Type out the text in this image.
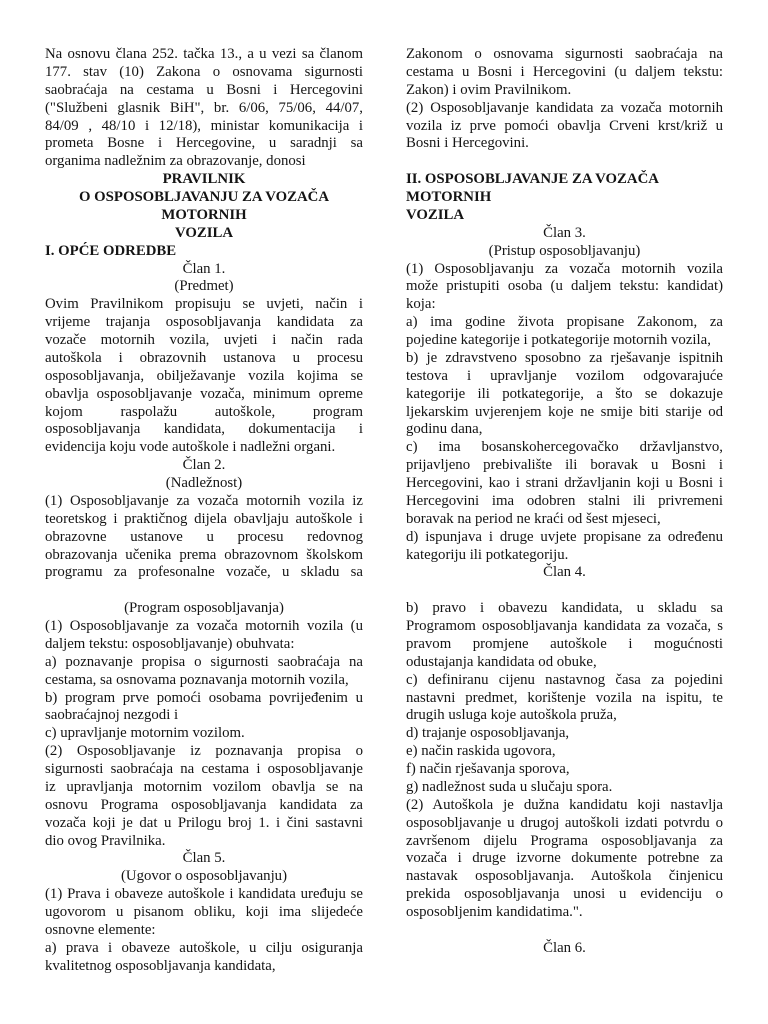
Na osnovu člana 252. tačka 13., a u vezi sa članom
177. stav (10) Zakona o osnovama sigurnosti
saobraćaja na cestama u Bosni i Hercegovini
("Službeni glasnik BiH", br. 6/06, 75/06, 44/07,
84/09 , 48/10 i 12/18), ministar komunikacija i
prometa Bosne i Hercegovine, u saradnji sa
organima nadležnim za obrazovanje, donosi
PRAVILNIK
O OSPOSOBLJAVANJU ZA VOZAČA
MOTORNIH
VOZILA
I. OPĆE ODREDBE
Član 1.
(Predmet)
Ovim Pravilnikom propisuju se uvjeti, način i
vrijeme trajanja osposobljavanja kandidata za
vozače motornih vozila, uvjeti i način rada
autoškola i obrazovnih ustanova u procesu
osposobljavanja, obilježavanje vozila kojima se
obavlja osposobljavanje vozača, minimum opreme
kojom raspolažu autoškole, program
osposobljavanja kandidata, dokumentacija i
evidencija koju vode autoškole i nadležni organi.
Član 2.
(Nadležnost)
(1) Osposobljavanje za vozača motornih vozila iz
teoretskog i praktičnog dijela obavljaju autoškole i
obrazovne ustanove u procesu redovnog
obrazovanja učenika prema obrazovnom školskom
programu za profesonalne vozače, u skladu sa
(Program osposobljavanja)
(1) Osposobljavanje za vozača motornih vozila (u
daljem tekstu: osposobljavanje) obuhvata:
a) poznavanje propisa o sigurnosti saobraćaja na
cestama, sa osnovama poznavanja motornih vozila,
b) program prve pomoći osobama povrijeđenim u
saobraćajnoj nezgodi i
c) upravljanje motornim vozilom.
(2) Osposobljavanje iz poznavanja propisa o
sigurnosti saobraćaja na cestama i osposobljavanje
iz upravljanja motornim vozilom obavlja se na
osnovu Programa osposobljavanja kandidata za
vozača koji je dat u Prilogu broj 1. i čini sastavni
dio ovog Pravilnika.
Član 5.
(Ugovor o osposobljavanju)
(1) Prava i obaveze autoškole i kandidata uređuju se
ugovorom u pisanom obliku, koji ima slijedeće
osnovne elemente:
a) prava i obaveze autoškole, u cilju osiguranja
kvalitetnog osposobljavanja kandidata,
Zakonom o osnovama sigurnosti saobraćaja na
cestama u Bosni i Hercegovini (u daljem tekstu:
Zakon) i ovim Pravilnikom.
(2) Osposobljavanje kandidata za vozača motornih
vozila iz prve pomoći obavlja Crveni krst/križ u
Bosni i Hercegovini.
II. OSPOSOBLJAVANJE ZA VOZAČA
MOTORNIH
VOZILA
Član 3.
(Pristup osposobljavanju)
(1) Osposobljavanju za vozača motornih vozila
može pristupiti osoba (u daljem tekstu: kandidat)
koja:
a) ima godine života propisane Zakonom, za
pojedine kategorije i potkategorije motornih vozila,
b) je zdravstveno sposobno za rješavanje ispitnih
testova i upravljanje vozilom odgovarajuće
kategorije ili potkategorije, a što se dokazuje
ljekarskim uvjerenjem koje ne smije biti starije od
godinu dana,
c) ima bosanskohercegovačko državljanstvo,
prijavljeno prebivalište ili boravak u Bosni i
Hercegovini, kao i strani državljanin koji u Bosni i
Hercegovini ima odobren stalni ili privremeni
boravak na period ne kraći od šest mjeseci,
d) ispunjava i druge uvjete propisane za određenu
kategoriju ili potkategoriju.
Član 4.
b) pravo i obavezu kandidata, u skladu sa
Programom osposobljavanja kandidata za vozača, s
pravom promjene autoškole i mogućnosti
odustajanja kandidata od obuke,
c) definiranu cijenu nastavnog časa za pojedini
nastavni predmet, korištenje vozila na ispitu, te
drugih usluga koje autoškola pruža,
d) trajanje osposobljavanja,
e) način raskida ugovora,
f) način rješavanja sporova,
g) nadležnost suda u slučaju spora.
(2) Autoškola je dužna kandidatu koji nastavlja
osposobljavanje u drugoj autoškoli izdati potvrdu o
završenom dijelu Programa osposobljavanja za
vozača i druge izvorne dokumente potrebne za
nastavak osposobljavanja. Autoškola činjenicu
prekida osposobljavanja unosi u evidenciju o
osposobljenim kandidatima.".
Član 6.
